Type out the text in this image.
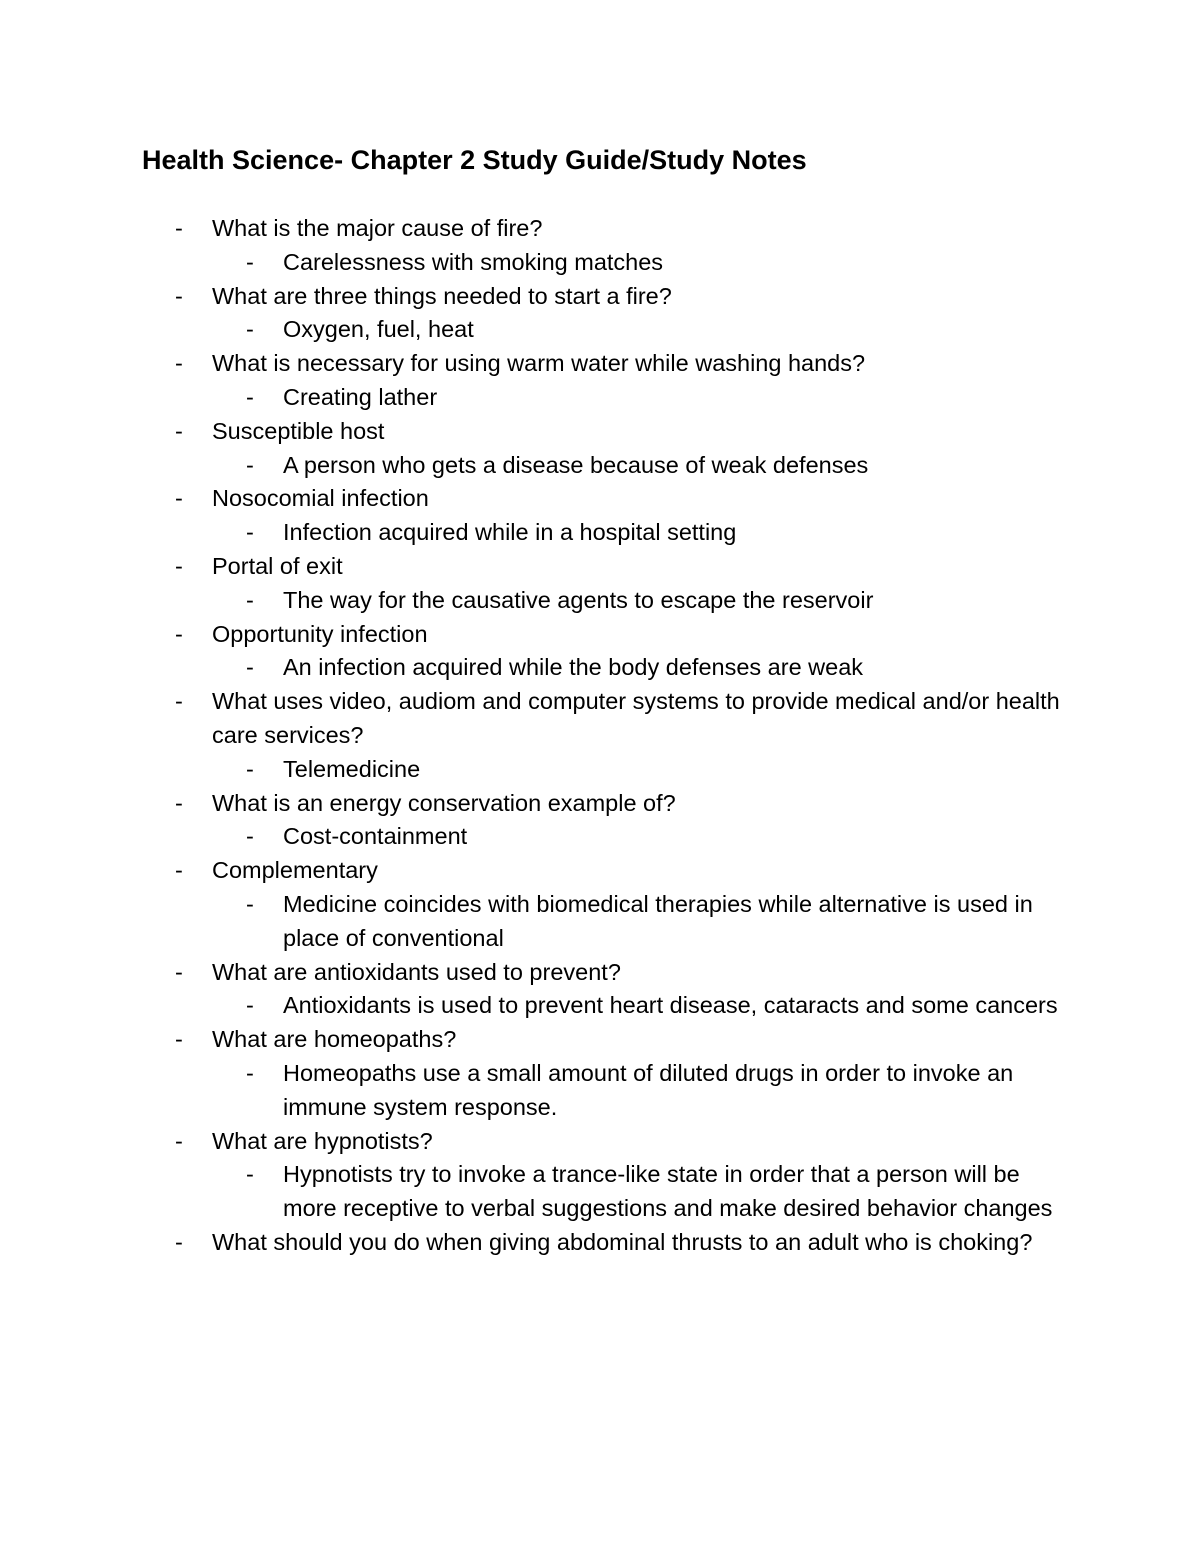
Health Science- Chapter 2 Study Guide/Study Notes
- What is the major cause of fire?
- Carelessness with smoking matches
- What are three things needed to start a fire?
- Oxygen, fuel, heat
- What is necessary for using warm water while washing hands?
- Creating lather
- Susceptible host
- A person who gets a disease because of weak defenses
- Nosocomial infection
- Infection acquired while in a hospital setting
- Portal of exit
- The way for the causative agents to escape the reservoir
- Opportunity infection
- An infection acquired while the body defenses are weak
- What uses video, audiom and computer systems to provide medical and/or health care services?
- Telemedicine
- What is an energy conservation example of?
- Cost-containment
- Complementary
- Medicine coincides with biomedical therapies while alternative is used in place of conventional
- What are antioxidants used to prevent?
- Antioxidants is used to prevent heart disease, cataracts and some cancers
- What are homeopaths?
- Homeopaths use a small amount of diluted drugs in order to invoke an immune system response.
- What are hypnotists?
- Hypnotists try to invoke a trance-like state in order that a person will be more receptive to verbal suggestions and make desired behavior changes
- What should you do when giving abdominal thrusts to an adult who is choking?
